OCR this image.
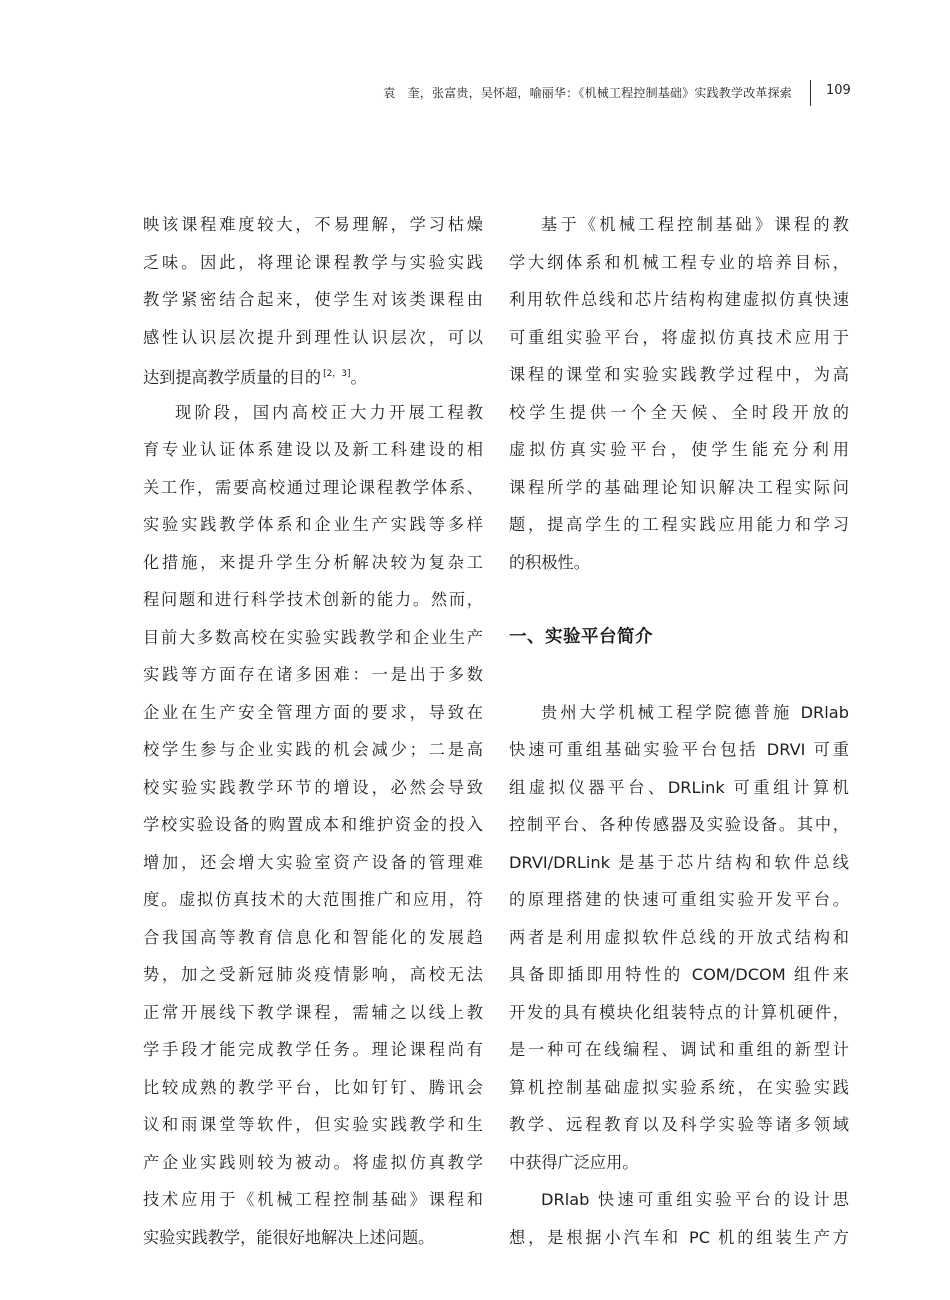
袁　奎，张富贵，吴怀超，喻丽华：《机械工程控制基础》实践教学改革探索	109
映该课程难度较大，不易理解，学习枯燥
乏味。因此，将理论课程教学与实验实践
教学紧密结合起来，使学生对该类课程由
感性认识层次提升到理性认识层次，可以
达到提高教学质量的目的 [2，3]。
现阶段，国内高校正大力开展工程教
育专业认证体系建设以及新工科建设的相
关工作，需要高校通过理论课程教学体系、
实验实践教学体系和企业生产实践等多样
化措施，来提升学生分析解决较为复杂工
程问题和进行科学技术创新的能力。然而，
目前大多数高校在实验实践教学和企业生产
实践等方面存在诸多困难：一是出于多数
企业在生产安全管理方面的要求，导致在
校学生参与企业实践的机会减少；二是高
校实验实践教学环节的增设，必然会导致
学校实验设备的购置成本和维护资金的投入
增加，还会增大实验室资产设备的管理难
度。虚拟仿真技术的大范围推广和应用，符
合我国高等教育信息化和智能化的发展趋
势，加之受新冠肺炎疫情影响，高校无法
正常开展线下教学课程，需辅之以线上教
学手段才能完成教学任务。理论课程尚有
比较成熟的教学平台，比如钉钉、腾讯会
议和雨课堂等软件，但实验实践教学和生
产企业实践则较为被动。将虚拟仿真教学
技术应用于《机械工程控制基础》课程和
实验实践教学，能很好地解决上述问题。
基于《机械工程控制基础》课程的教
学大纲体系和机械工程专业的培养目标，
利用软件总线和芯片结构构建虚拟仿真快速
可重组实验平台，将虚拟仿真技术应用于
课程的课堂和实验实践教学过程中，为高
校学生提供一个全天候、全时段开放的
虚拟仿真实验平台，使学生能充分利用
课程所学的基础理论知识解决工程实际问
题，提高学生的工程实践应用能力和学习
的积极性。
一、实验平台简介
贵州大学机械工程学院德普施 DRlab
快速可重组基础实验平台包括 DRVI 可重
组虚拟仪器平台、DRLink 可重组计算机
控制平台、各种传感器及实验设备。其中，
DRVI/DRLink 是基于芯片结构和软件总线
的原理搭建的快速可重组实验开发平台。
两者是利用虚拟软件总线的开放式结构和
具备即插即用特性的 COM/DCOM 组件来
开发的具有模块化组装特点的计算机硬件，
是一种可在线编程、调试和重组的新型计
算机控制基础虚拟实验系统，在实验实践
教学、远程教育以及科学实验等诸多领域
中获得广泛应用。
DRlab 快速可重组实验平台的设计思
想，是根据小汽车和 PC 机的组装生产方
